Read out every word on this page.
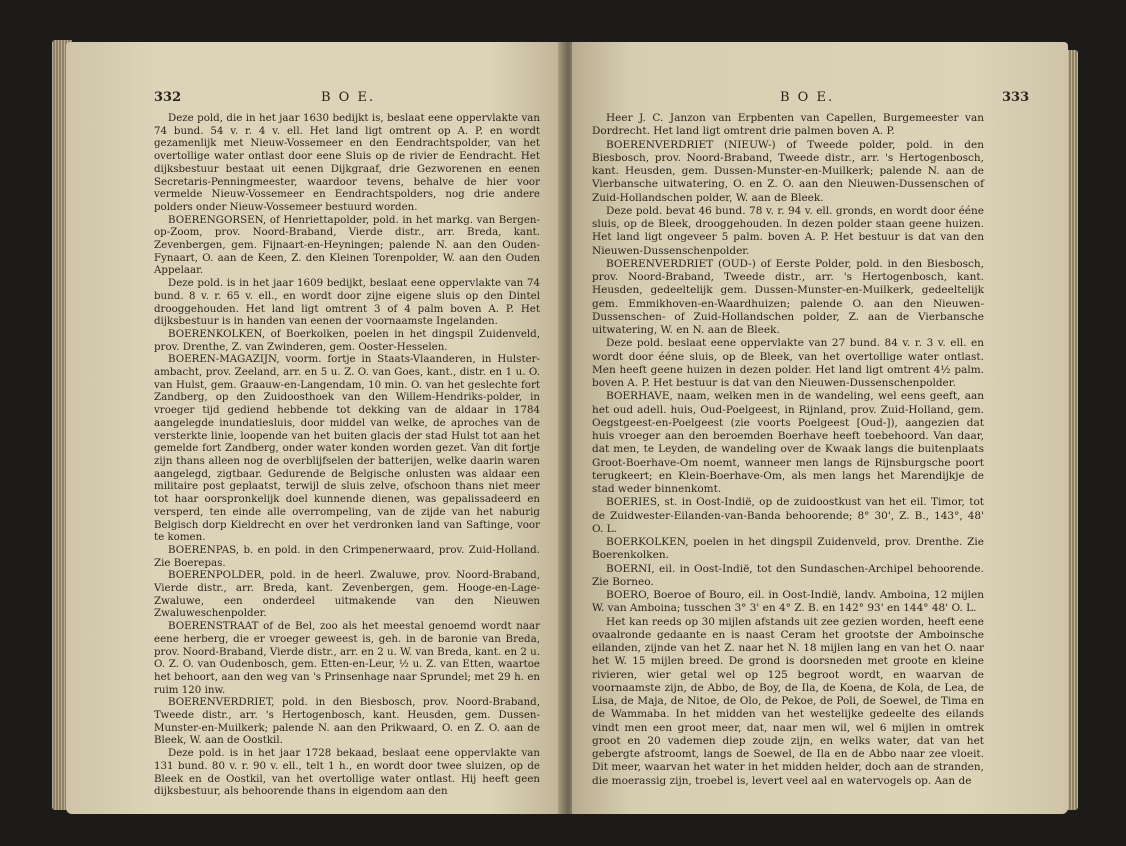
332	B O E.

Deze pold, die in het jaar 1630 bedijkt is, beslaat eene oppervlakte van 74 bund. 54 v. r. 4 v. ell. Het land ligt omtrent op A. P. en wordt gezamenlijk met Nieuw-Vossemeer en den Eendrachtspolder, van het overtollige water ontlast door eene Sluis op de rivier de Eendracht. Het dijksbestuur bestaat uit eenen Dijkgraaf, drie Gezworenen en eenen Secretaris-Penningmeester, waardoor tevens, behalve de hier voor vermelde Nieuw-Vossemeer en Eendrachtspolders, nog drie andere polders onder Nieuw-Vossemeer bestuurd worden.

BOERENGORSEN, of Henriettapolder, pold. in het markg. van Bergen-op-Zoom, prov. Noord-Braband, Vierde distr., arr. Breda, kant. Zevenbergen, gem. Fijnaart-en-Heyningen; palende N. aan den Ouden-Fynaart, O. aan de Keen, Z. den Kleinen Torenpolder, W. aan den Ouden Appelaar.

Deze pold. is in het jaar 1609 bedijkt, beslaat eene oppervlakte van 74 bund. 8 v. r. 65 v. ell., en wordt door zijne eigene sluis op den Dintel drooggehouden. Het land ligt omtrent 3 of 4 palm boven A. P. Het dijksbestuur is in handen van eenen der voornaamste Ingelanden.

BOERENKOLKEN, of Boerkolken, poelen in het dingspil Zuidenveld, prov. Drenthe, Z. van Zwinderen, gem. Ooster-Hesselen.

BOEREN-MAGAZIJN, voorm. fortje in Staats-Vlaanderen, in Hulster-ambacht, prov. Zeeland, arr. en 5 u. Z. O. van Goes, kant., distr. en 1 u. O. van Hulst, gem. Graauw-en-Langendam, 10 min. O. van het geslechte fort Zandberg, op den Zuidoosthoek van den Willem-Hendriks-polder, in vroeger tijd gediend hebbende tot dekking van de aldaar in 1784 aangelegde inundatiesluis, door middel van welke, de aproches van de versterkte linie, loopende van het buiten glacis der stad Hulst tot aan het gemelde fort Zandberg, onder water konden worden gezet. Van dit fortje zijn thans alleen nog de overblijfselen der batterijen, welke daarin waren aangelegd, zigtbaar. Gedurende de Belgische onlusten was aldaar een militaire post geplaatst, terwijl de sluis zelve, ofschoon thans niet meer tot haar oorspronkelijk doel kunnende dienen, was gepalissadeerd en versperd, ten einde alle overrompeling, van de zijde van het naburig Belgisch dorp Kieldrecht en over het verdronken land van Saftinge, voor te komen.

BOERENPAS, b. en pold. in den Crimpenerwaard, prov. Zuid-Holland. Zie Boerepas.

BOERENPOLDER, pold. in de heerl. Zwaluwe, prov. Noord-Braband, Vierde distr., arr. Breda, kant. Zevenbergen, gem. Hooge-en-Lage-Zwaluwe, een onderdeel uitmakende van den Nieuwen Zwaluweschenpolder.

BOERENSTRAAT of de Bel, zoo als het meestal genoemd wordt naar eene herberg, die er vroeger geweest is, geh. in de baronie van Breda, prov. Noord-Braband, Vierde distr., arr. en 2 u. W. van Breda, kant. en 2 u. O. Z. O. van Oudenbosch, gem. Etten-en-Leur, ½ u. Z. van Etten, waartoe het behoort, aan den weg van 's Prinsenhage naar Sprundel; met 29 h. en ruim 120 inw.

BOERENVERDRIET, pold. in den Biesbosch, prov. Noord-Braband, Tweede distr., arr. 's Hertogenbosch, kant. Heusden, gem. Dussen-Munster-en-Muilkerk; palende N. aan den Prikwaard, O. en Z. O. aan de Bleek, W. aan de Oostkil.

Deze pold. is in het jaar 1728 bekaad, beslaat eene oppervlakte van 131 bund. 80 v. r. 90 v. ell., telt 1 h., en wordt door twee sluizen, op de Bleek en de Oostkil, van het overtollige water ontlast. Hij heeft geen dijksbestuur, als behoorende thans in eigendom aan den

B O E.	333

Heer J. C. Janzon van Erpbenten van Capellen, Burgemeester van Dordrecht. Het land ligt omtrent drie palmen boven A. P.

BOERENVERDRIET (NIEUW-) of Tweede polder, pold. in den Biesbosch, prov. Noord-Braband, Tweede distr., arr. 's Hertogenbosch, kant. Heusden, gem. Dussen-Munster-en-Muilkerk; palende N. aan de Vierbansche uitwatering, O. en Z. O. aan den Nieuwen-Dussenschen of Zuid-Hollandschen polder, W. aan de Bleek.

Deze pold. bevat 46 bund. 78 v. r. 94 v. ell. gronds, en wordt door ééne sluis, op de Bleek, drooggehouden. In dezen polder staan geene huizen. Het land ligt ongeveer 5 palm. boven A. P. Het bestuur is dat van den Nieuwen-Dussenschenpolder.

BOERENVERDRIET (OUD-) of Eerste Polder, pold. in den Biesbosch, prov. Noord-Braband, Tweede distr., arr. 's Hertogenbosch, kant. Heusden, gedeeltelijk gem. Dussen-Munster-en-Muilkerk, gedeeltelijk gem. Emmikhoven-en-Waardhuizen; palende O. aan den Nieuwen-Dussenschen- of Zuid-Hollandschen polder, Z. aan de Vierbansche uitwatering, W. en N. aan de Bleek.

Deze pold. beslaat eene oppervlakte van 27 bund. 84 v. r. 3 v. ell. en wordt door ééne sluis, op de Bleek, van het overtollige water ontlast. Men heeft geene huizen in dezen polder. Het land ligt omtrent 4½ palm. boven A. P. Het bestuur is dat van den Nieuwen-Dussenschenpolder.

BOERHAVE, naam, welken men in de wandeling, wel eens geeft, aan het oud adell. huis, Oud-Poelgeest, in Rijnland, prov. Zuid-Holland, gem. Oegstgeest-en-Poelgeest (zie voorts Poelgeest [Oud-]), aangezien dat huis vroeger aan den beroemden Boerhave heeft toebehoord. Van daar, dat men, te Leyden, de wandeling over de Kwaak langs die buitenplaats Groot-Boerhave-Om noemt, wanneer men langs de Rijnsburgsche poort terugkeert; en Klein-Boerhave-Om, als men langs het Marendijkje de stad weder binnenkomt.

BOERIES, st. in Oost-Indië, op de zuidoostkust van het eil. Timor, tot de Zuidwester-Eilanden-van-Banda behoorende; 8° 30', Z. B., 143°, 48' O. L.

BOERKOLKEN, poelen in het dingspil Zuidenveld, prov. Drenthe. Zie Boerenkolken.

BOERNI, eil. in Oost-Indië, tot den Sundaschen-Archipel behoorende. Zie Borneo.

BOERO, Boeroe of Bouro, eil. in Oost-Indië, landv. Amboina, 12 mijlen W. van Amboina; tusschen 3° 3' en 4° Z. B. en 142° 93' en 144° 48' O. L.

Het kan reeds op 30 mijlen afstands uit zee gezien worden, heeft eene ovaalronde gedaante en is naast Ceram het grootste der Amboinsche eilanden, zijnde van het Z. naar het N. 18 mijlen lang en van het O. naar het W. 15 mijlen breed. De grond is doorsneden met groote en kleine rivieren, wier getal wel op 125 begroot wordt, en waarvan de voornaamste zijn, de Abbo, de Boy, de Ila, de Koena, de Kola, de Lea, de Lisa, de Maja, de Nitoe, de Olo, de Pekoe, de Poli, de Soewel, de Tima en de Wammaba. In het midden van het westelijke gedeelte des eilands vindt men een groot meer, dat, naar men wil, wel 6 mijlen in omtrek groot en 20 vademen diep zoude zijn, en welks water, dat van het gebergte afstroomt, langs de Soewel, de Ila en de Abbo naar zee vloeit. Dit meer, waarvan het water in het midden helder, doch aan de stranden, die moerassig zijn, troebel is, levert veel aal en watervogels op. Aan de
